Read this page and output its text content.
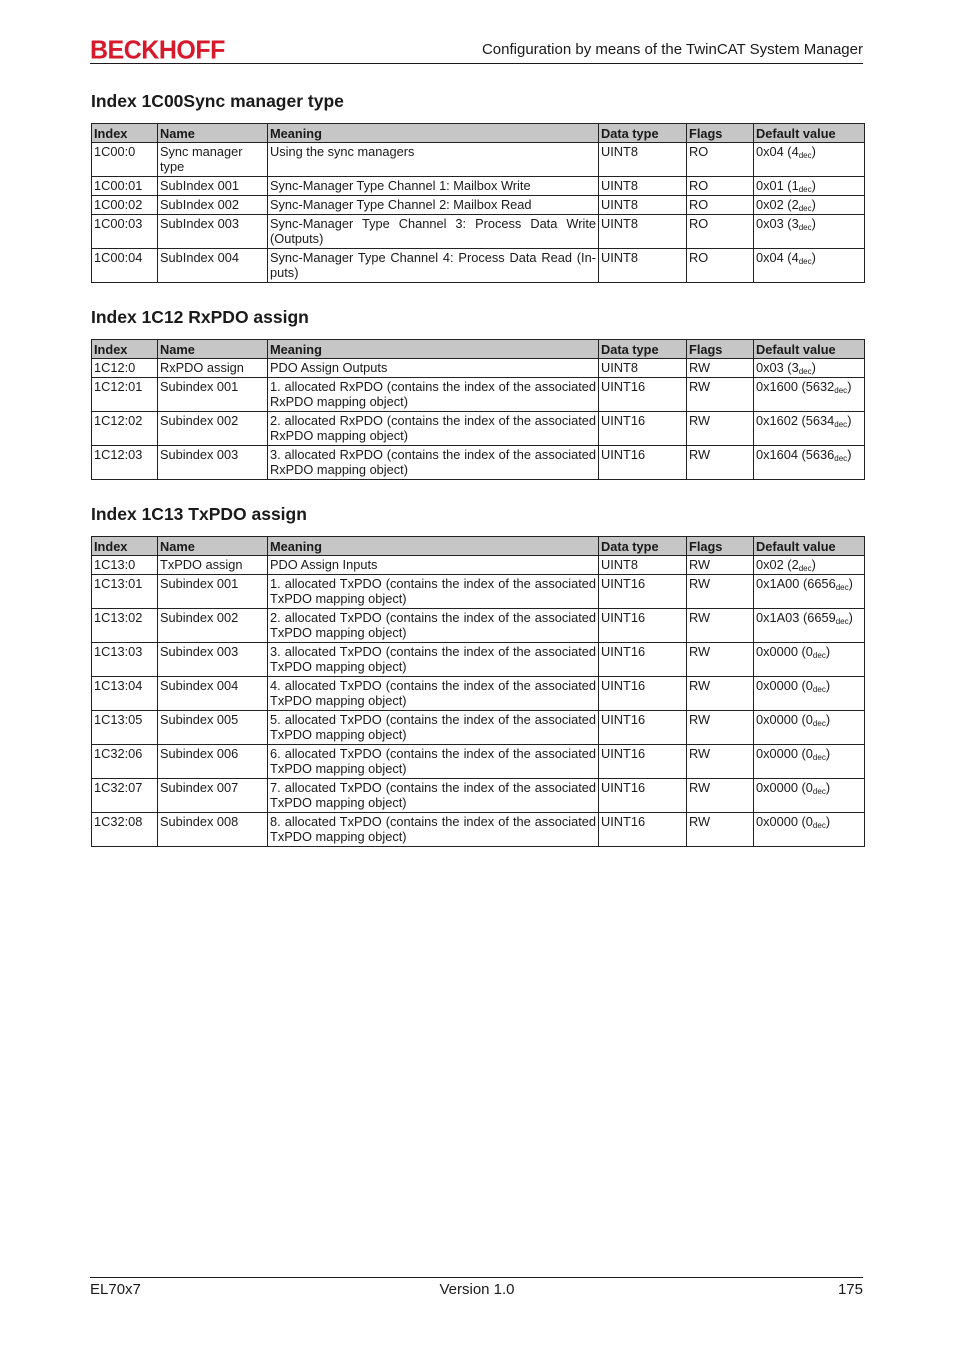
BECKHOFF	Configuration by means of the TwinCAT System Manager
Index 1C00Sync manager type
Index	Name	Meaning	Data type	Flags	Default value
1C00:0	Sync manager type	Using the sync managers	UINT8	RO	0x04 $(4_{dec})$
1C00:01	SubIndex 001	Sync-Manager Type Channel 1: Mailbox Write	UINT8	RO	0x01 $(1_{dec})$
1C00:02	SubIndex 002	Sync-Manager Type Channel 2: Mailbox Read	UINT8	RO	0x02 $(2_{dec})$
1C00:03	SubIndex 003	Sync-Manager Type Channel 3: Process Data Write (Outputs)	UINT8	RO	0x03 $(3_{dec})$
1C00:04	SubIndex 004	Sync-Manager Type Channel 4: Process Data Read (In-puts)	UINT8	RO	0x04 $(4_{dec})$
Index 1C12 RxPDO assign
Index	Name	Meaning	Data type	Flags	Default value
1C12:0	RxPDO assign	PDO Assign Outputs	UINT8	RW	0x03 $(3_{dec})$
1C12:01	Subindex 001	1. allocated RxPDO (contains the index of the associated RxPDO mapping object)	UINT16	RW	0x1600 $(5632_{dec})$
1C12:02	Subindex 002	2. allocated RxPDO (contains the index of the associated RxPDO mapping object)	UINT16	RW	0x1602 $(5634_{dec})$
1C12:03	Subindex 003	3. allocated RxPDO (contains the index of the associated RxPDO mapping object)	UINT16	RW	0x1604 $(5636_{dec})$
Index 1C13 TxPDO assign
Index	Name	Meaning	Data type	Flags	Default value
1C13:0	TxPDO assign	PDO Assign Inputs	UINT8	RW	0x02 $(2_{dec})$
1C13:01	Subindex 001	1. allocated TxPDO (contains the index of the associated TxPDO mapping object)	UINT16	RW	0x1A00 $(6656_{dec})$
1C13:02	Subindex 002	2. allocated TxPDO (contains the index of the associated TxPDO mapping object)	UINT16	RW	0x1A03 $(6659_{dec})$
1C13:03	Subindex 003	3. allocated TxPDO (contains the index of the associated TxPDO mapping object)	UINT16	RW	0x0000 $(0_{dec})$
1C13:04	Subindex 004	4. allocated TxPDO (contains the index of the associated TxPDO mapping object)	UINT16	RW	0x0000 $(0_{dec})$
1C13:05	Subindex 005	5. allocated TxPDO (contains the index of the associated TxPDO mapping object)	UINT16	RW	0x0000 $(0_{dec})$
1C32:06	Subindex 006	6. allocated TxPDO (contains the index of the associated TxPDO mapping object)	UINT16	RW	0x0000 $(0_{dec})$
1C32:07	Subindex 007	7. allocated TxPDO (contains the index of the associated TxPDO mapping object)	UINT16	RW	0x0000 $(0_{dec})$
1C32:08	Subindex 008	8. allocated TxPDO (contains the index of the associated TxPDO mapping object)	UINT16	RW	0x0000 $(0_{dec})$
EL70x7	Version 1.0	175
